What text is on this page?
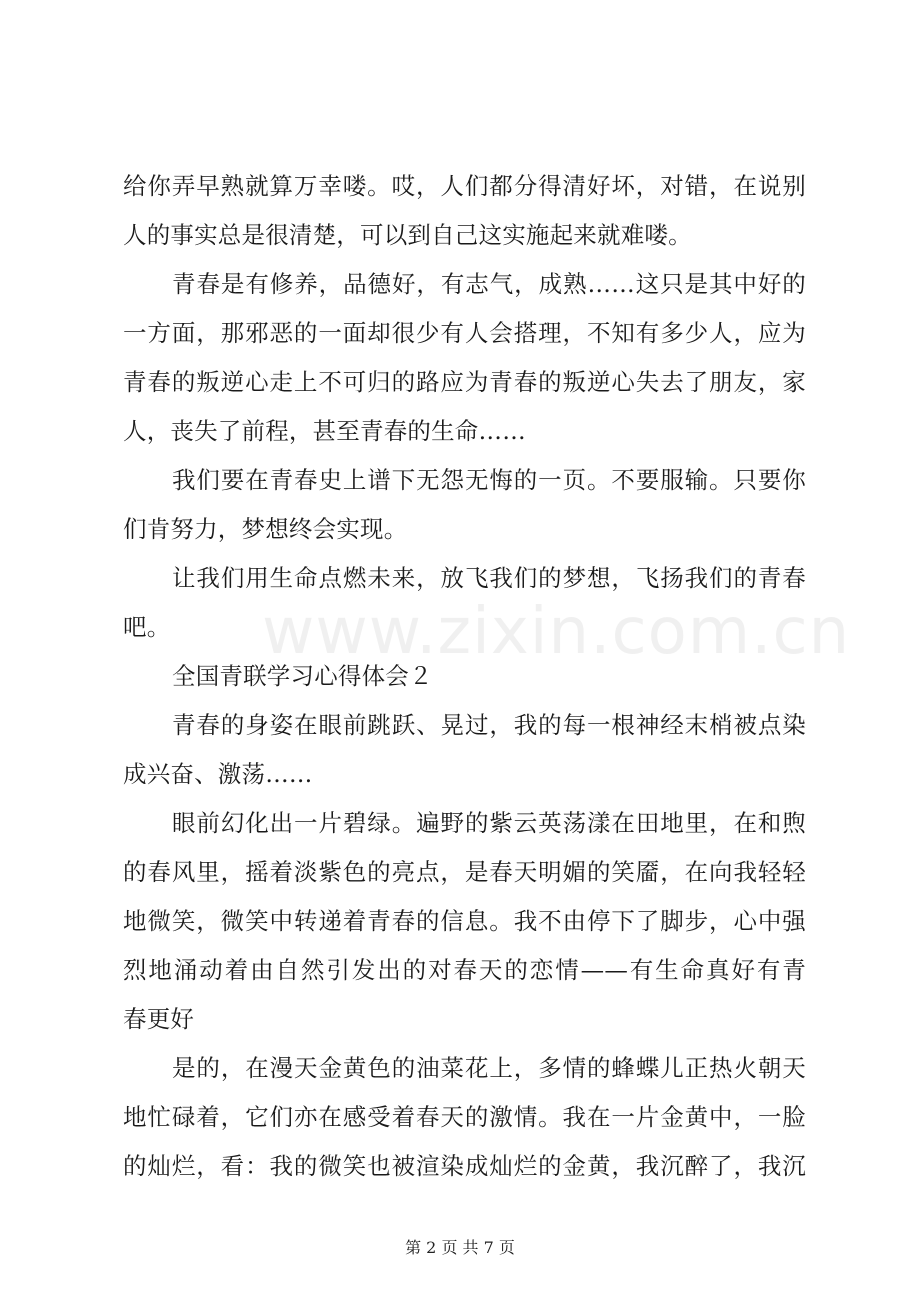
给你弄早熟就算万幸喽。哎，人们都分得清好坏，对错，在说别
人的事实总是很清楚，可以到自己这实施起来就难喽。
青春是有修养，品德好，有志气，成熟……这只是其中好的
一方面，那邪恶的一面却很少有人会搭理，不知有多少人，应为
青春的叛逆心走上不可归的路应为青春的叛逆心失去了朋友，家
人，丧失了前程，甚至青春的生命……
我们要在青春史上谱下无怨无悔的一页。不要服输。只要你
们肯努力，梦想终会实现。
让我们用生命点燃未来，放飞我们的梦想，飞扬我们的青春
吧。
全国青联学习心得体会２
青春的身姿在眼前跳跃、晃过，我的每一根神经末梢被点染
成兴奋、激荡……
眼前幻化出一片碧绿。遍野的紫云英荡漾在田地里，在和煦
的春风里，摇着淡紫色的亮点，是春天明媚的笑靥，在向我轻轻
地微笑，微笑中转递着青春的信息。我不由停下了脚步，心中强
烈地涌动着由自然引发出的对春天的恋情——有生命真好有青
春更好
是的，在漫天金黄色的油菜花上，多情的蜂蝶儿正热火朝天
地忙碌着，它们亦在感受着春天的激情。我在一片金黄中，一脸
的灿烂，看：我的微笑也被渲染成灿烂的金黄，我沉醉了，我沉
www.zixin.com.cn
第 2 页 共 7 页
